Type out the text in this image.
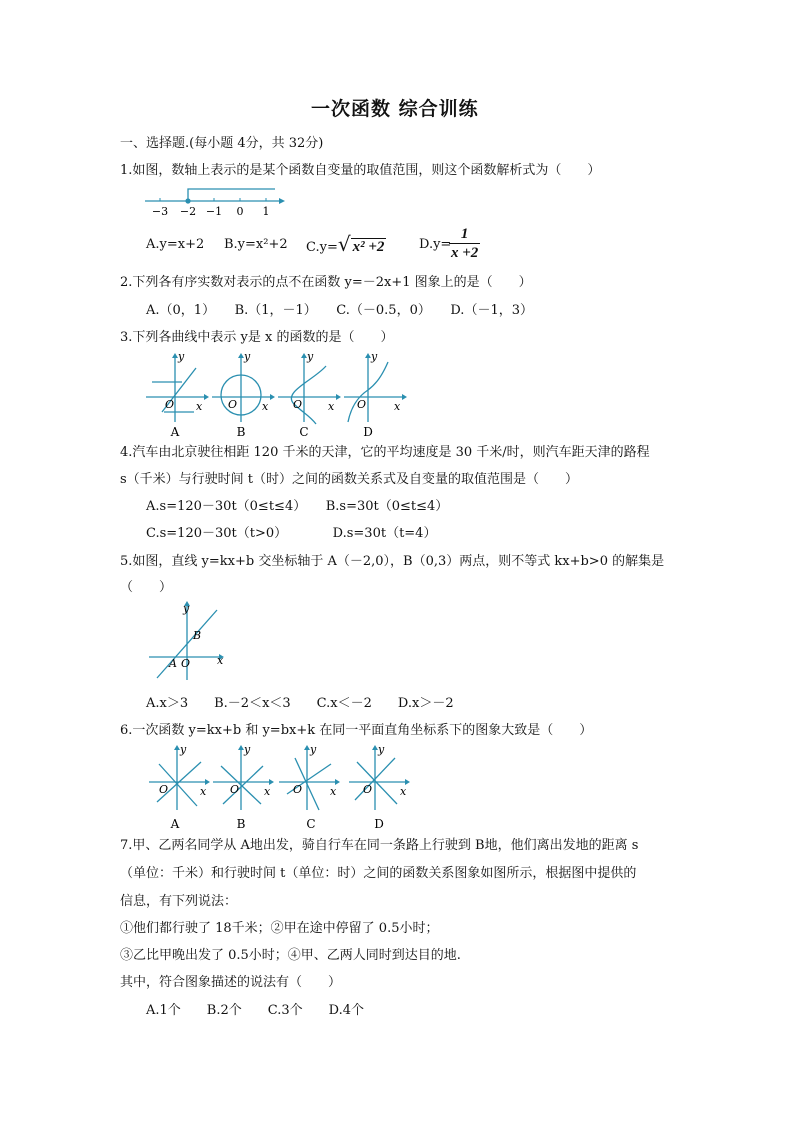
一次函数 综合训练
一、选择题.(每小题 4分，共 32分)
1.如图，数轴上表示的是某个函数自变量的取值范围，则这个函数解析式为（　　）
−3 −2 −1 0 1
A.y=x+2 B.y=x²+2 C.y=√ x² +2	D.y=
$\frac{1}{x +2}$
2.下列各有序实数对表示的点不在函数 y=－2x+1 图象上的是（　　）
A.（0，1）　　B.（1，－1）　　C.（－0.5，0）　　D.（－1，3）
3.下列各曲线中表示 y是 x 的函数的是（　　）
y
O x
y
O x
y
O x
y
O	x
A	B	C	D
4.汽车由北京驶往相距 120 千米的天津，它的平均速度是 30 千米/时，则汽车距天津的路程
s（千米）与行驶时间 t（时）之间的函数关系式及自变量的取值范围是（　　）
A.s=120－30t（0≤t≤4）　　B.s=30t（0≤t≤4）
C.s=120－30t（t>0）　　　　D.s=30t（t=4）
5.如图，直线 y=kx+b 交坐标轴于 A（－2,0），B（0,3）两点，则不等式 kx+b>0 的解集是
（　　）
y
x
O
A
B
A.x＞3　　B.－2＜x＜3　　C.x＜－2　　D.x＞－2
6.一次函数 y=kx+b 和 y=bx+k 在同一平面直角坐标系下的图象大致是（　　）
y
O	x
y
O x
y
O	x
y
O	x
A	B	C	D
7.甲、乙两名同学从 A地出发，骑自行车在同一条路上行驶到 B地，他们离出发地的距离 s
（单位：千米）和行驶时间 t（单位：时）之间的函数关系图象如图所示，根据图中提供的
信息，有下列说法：
①他们都行驶了 18千米；②甲在途中停留了 0.5小时；
③乙比甲晚出发了 0.5小时；④甲、乙两人同时到达目的地.
其中，符合图象描述的说法有（　　）
A.1个　　B.2个　　C.3个　　D.4个
